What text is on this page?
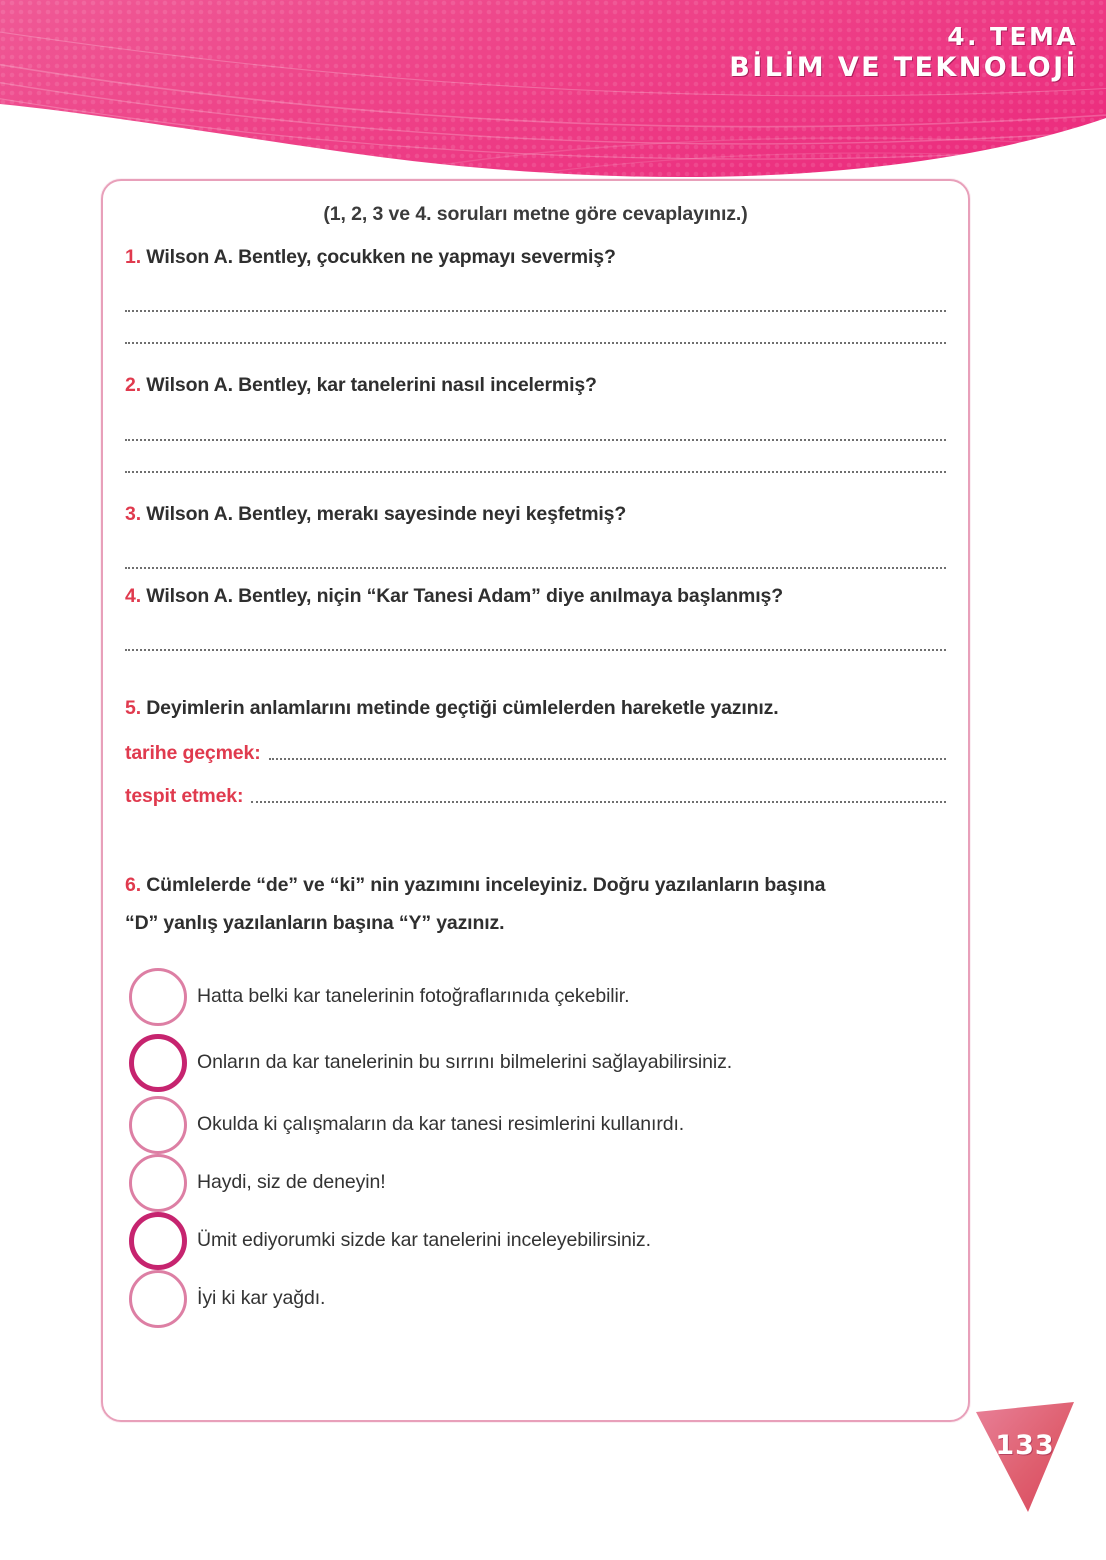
4. TEMA
BİLİM VE TEKNOLOJİ
(1, 2, 3 ve 4. soruları metne göre cevaplayınız.)
1. Wilson A. Bentley, çocukken ne yapmayı severmiş?
2. Wilson A. Bentley, kar tanelerini nasıl incelermiş?
3. Wilson A. Bentley, merakı sayesinde neyi keşfetmiş?
4. Wilson A. Bentley, niçin “Kar Tanesi Adam” diye anılmaya başlanmış?
5. Deyimlerin anlamlarını metinde geçtiği cümlelerden hareketle yazınız.
tarihe geçmek:
tespit etmek:
6. Cümlelerde “de” ve “ki” nin yazımını inceleyiniz. Doğru yazılanların başına
“D” yanlış yazılanların başına “Y” yazınız.
Hatta belki kar tanelerinin fotoğraflarınıda çekebilir.
Onların da kar tanelerinin bu sırrını bilmelerini sağlayabilirsiniz.
Okulda ki çalışmaların da kar tanesi resimlerini kullanırdı.
Haydi, siz de deneyin!
Ümit ediyorumki sizde kar tanelerini inceleyebilirsiniz.
İyi ki kar yağdı.
133
